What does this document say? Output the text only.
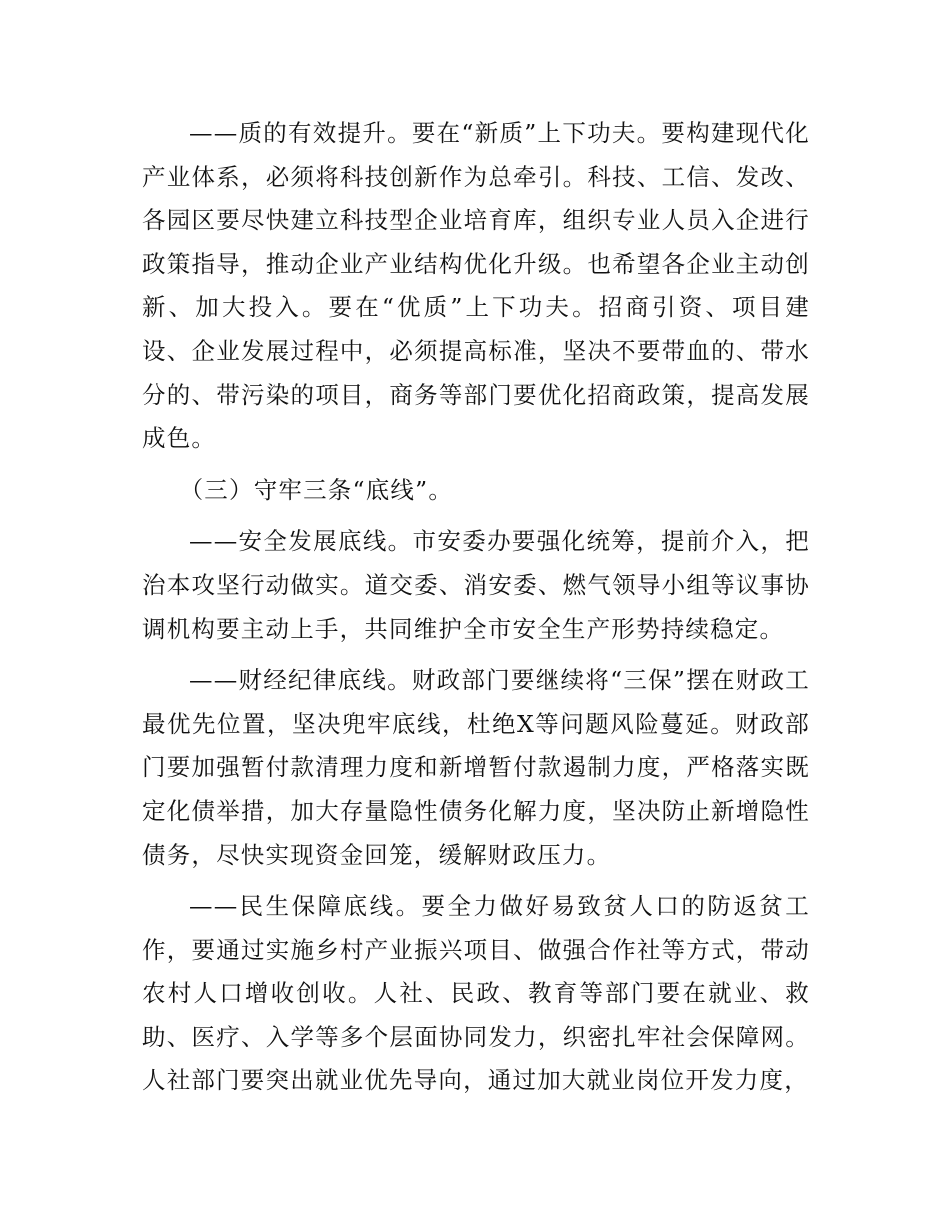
——质的有效提升。要在“新质”上下功夫。要构建现代化产业体系，必须将科技创新作为总牵引。科技、工信、发改、各园区要尽快建立科技型企业培育库，组织专业人员入企进行政策指导，推动企业产业结构优化升级。也希望各企业主动创新、加大投入。要在“优质”上下功夫。招商引资、项目建设、企业发展过程中，必须提高标准，坚决不要带血的、带水分的、带污染的项目，商务等部门要优化招商政策，提高发展成色。

（三）守牢三条“底线”。

——安全发展底线。市安委办要强化统筹，提前介入，把治本攻坚行动做实。道交委、消安委、燃气领导小组等议事协调机构要主动上手，共同维护全市安全生产形势持续稳定。

——财经纪律底线。财政部门要继续将“三保”摆在财政工最优先位置，坚决兜牢底线，杜绝X等问题风险蔓延。财政部门要加强暂付款清理力度和新增暂付款遏制力度，严格落实既定化债举措，加大存量隐性债务化解力度，坚决防止新增隐性债务，尽快实现资金回笼，缓解财政压力。

——民生保障底线。要全力做好易致贫人口的防返贫工作，要通过实施乡村产业振兴项目、做强合作社等方式，带动农村人口增收创收。人社、民政、教育等部门要在就业、救助、医疗、入学等多个层面协同发力，织密扎牢社会保障网。人社部门要突出就业优先导向，通过加大就业岗位开发力度，
